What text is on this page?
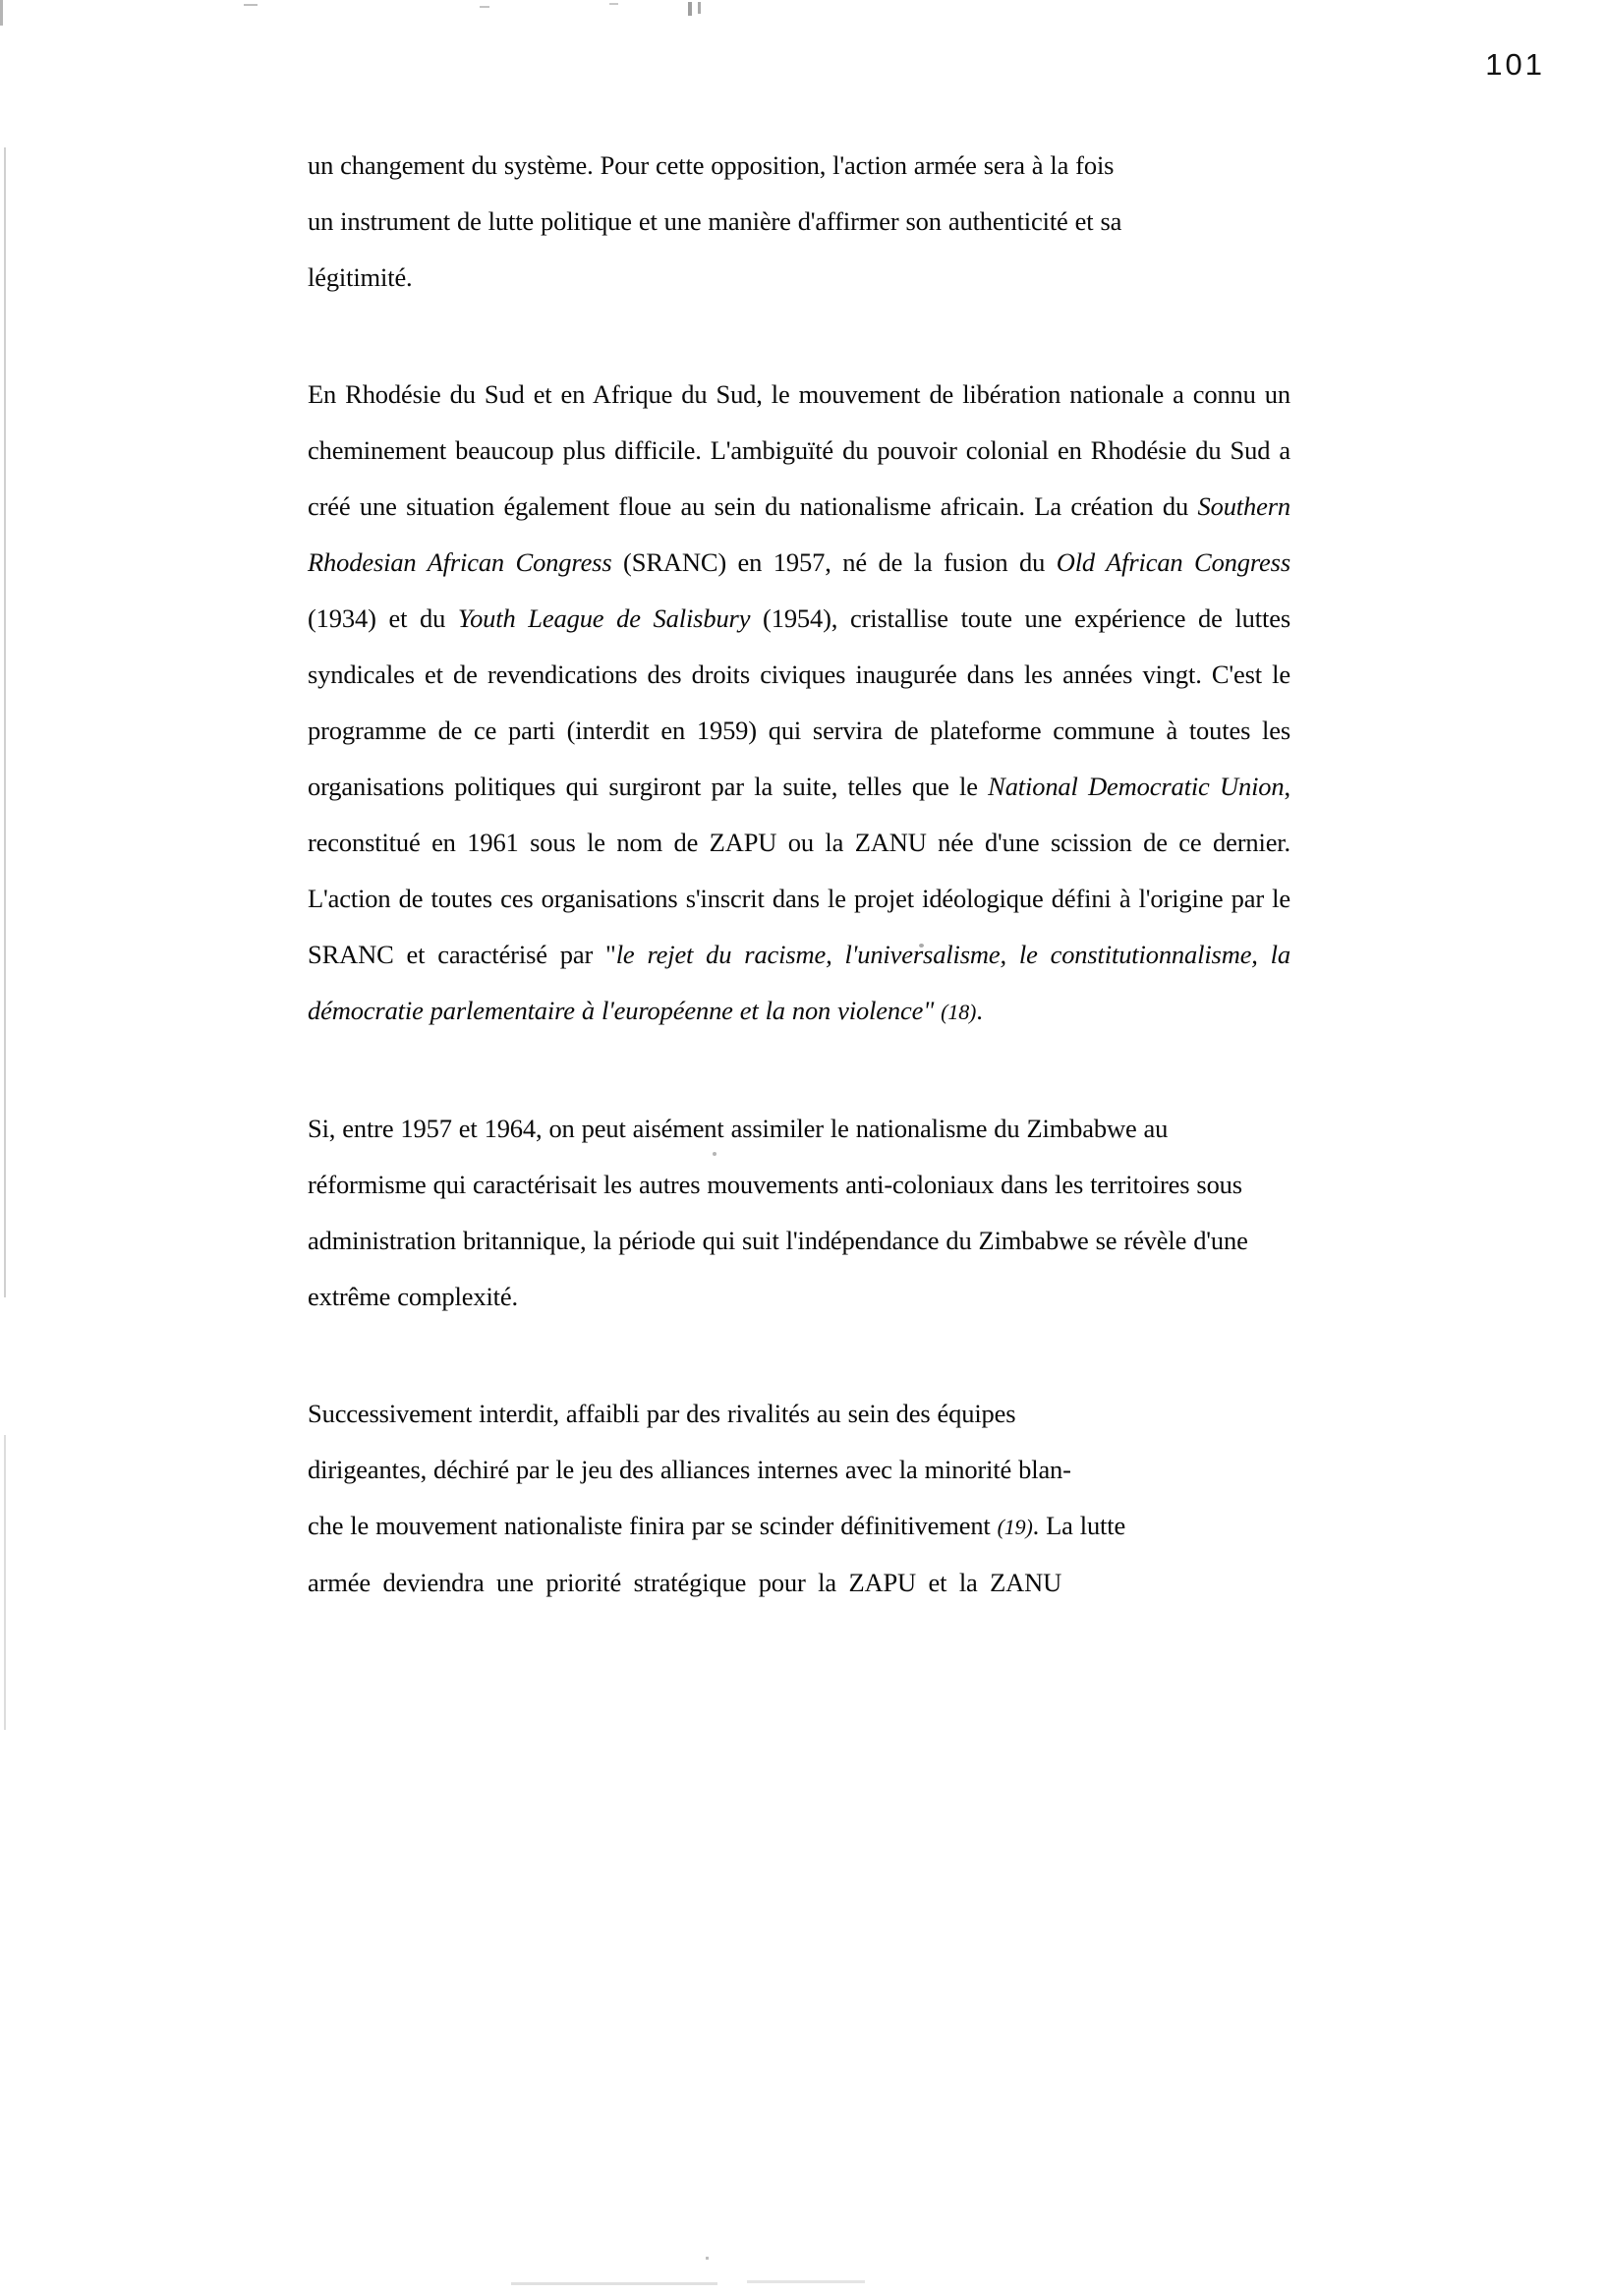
101

un changement du système. Pour cette opposition, l'action armée sera à la fois
un instrument de lutte politique et une manière d'affirmer son authenticité et sa
légitimité.

En Rhodésie du Sud et en Afrique du Sud, le mouvement de libération nationale a connu un cheminement beaucoup plus difficile. L'ambiguïté du pouvoir colonial en Rhodésie du Sud a créé une situation également floue au sein du nationalisme africain. La création du Southern Rhodesian African Congress (SRANC) en 1957, né de la fusion du Old African Congress (1934) et du Youth League de Salisbury (1954), cristallise toute une expérience de luttes syndicales et de revendications des droits civiques inaugurée dans les années vingt. C'est le programme de ce parti (interdit en 1959) qui servira de plateforme commune à toutes les organisations politiques qui surgiront par la suite, telles que le National Democratic Union, reconstitué en 1961 sous le nom de ZAPU ou la ZANU née d'une scission de ce dernier. L'action de toutes ces organisations s'inscrit dans le projet idéologique défini à l'origine par le SRANC et caractérisé par "le rejet du racisme, l'universalisme, le constitutionnalisme, la démocratie parlementaire à l'européenne et la non violence" (18).

Si, entre 1957 et 1964, on peut aisément assimiler le nationalisme du Zimbabwe au réformisme qui caractérisait les autres mouvements anti-coloniaux dans les territoires sous administration britannique, la période qui suit l'indépendance du Zimbabwe se révèle d'une extrême complexité.

Successivement interdit, affaibli par des rivalités au sein des équipes

dirigeantes, déchiré par le jeu des alliances internes avec la minorité blan-

che le mouvement nationaliste finira par se scinder définitivement (19). La lutte

armée deviendra une priorité stratégique pour la ZAPU et la ZANU
